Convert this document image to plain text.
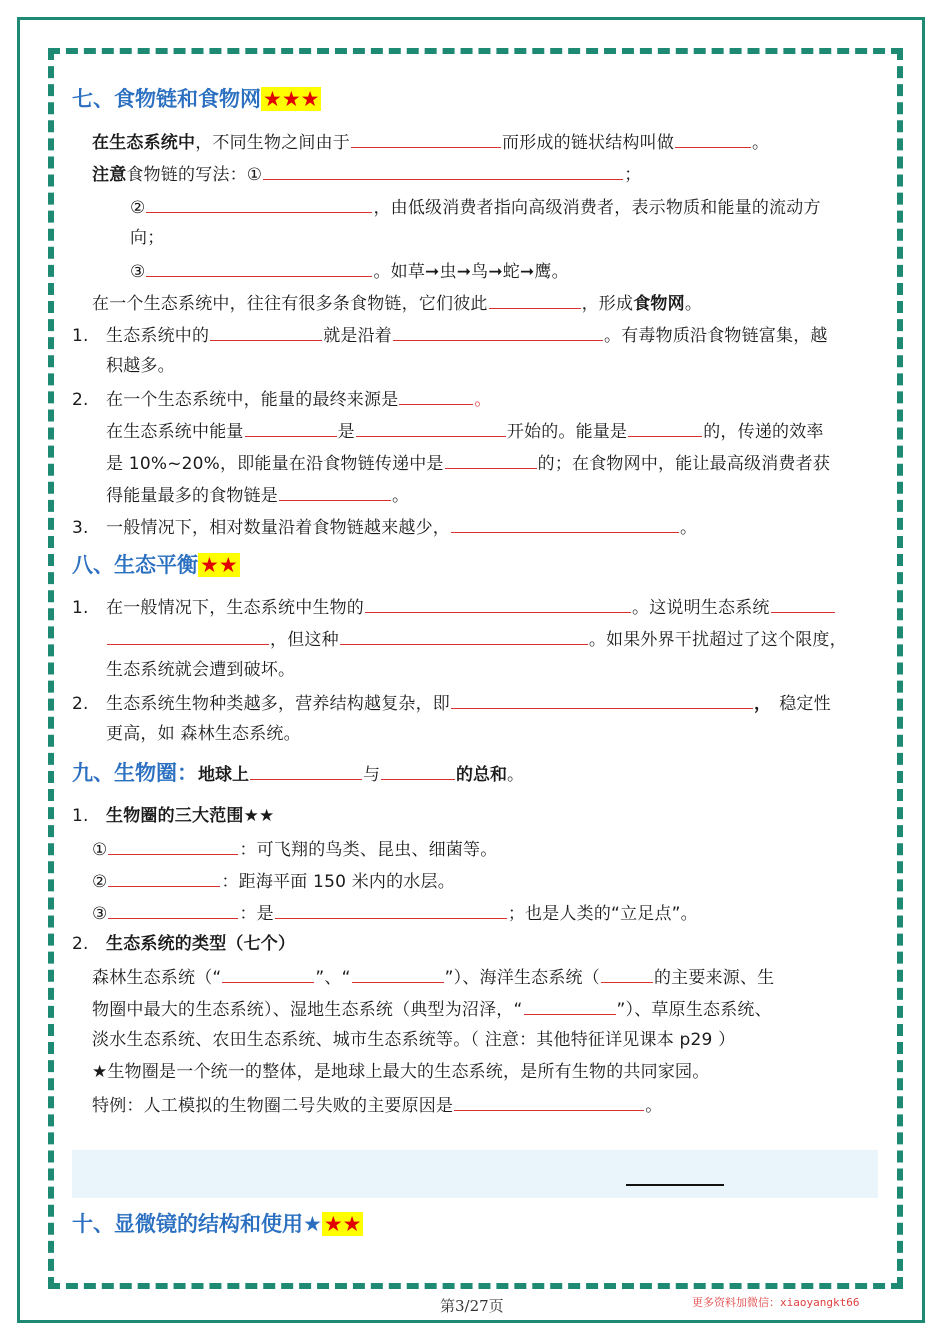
七、食物链和食物网★★★
在生态系统中，不同生物之间由于	而形成的链状结构叫做	。
注意食物链的写法：①	；
②	，由低级消费者指向高级消费者，表示物质和能量的流动方
向；
③	。如草➞虫➞鸟➞蛇➞鹰。
在一个生态系统中，往往有很多条食物链，它们彼此	，形成食物网。
1. 生态系统中的	就是沿着	。有毒物质沿食物链富集，越
积越多。
2. 在一个生态系统中，能量的最终来源是	。
在生态系统中能量	是	开始的。能量是	的，传递的效率
是 10%~20%，即能量在沿食物链传递中是	的；在食物网中，能让最高级消费者获
得能量最多的食物链是	。
3. 一般情况下，相对数量沿着食物链越来越少，	。
八、生态平衡★★
1. 在一般情况下，生态系统中生物的	。这说明生态系统
，但这种	。如果外界干扰超过了这个限度，
生态系统就会遭到破坏。
2. 生态系统生物种类越多，营养结构越复杂，即	， 稳定性
更高，如 森林生态系统。
九、生物圈：地球上	与	的总和。
1. 生物圈的三大范围★★
①	：可飞翔的鸟类、昆虫、细菌等。
②	：距海平面 150 米内的水层。
③	：是	；也是人类的“立足点”。
2. 生态系统的类型（七个）
森林生态系统（“	”、“	”）、海洋生态系统（	的主要来源、生
物圈中最大的生态系统）、湿地生态系统（典型为沼泽，“	”）、草原生态系统、
淡水生态系统、农田生态系统、城市生态系统等。（ 注意：其他特征详见课本 p29 ）
★生物圈是一个统一的整体，是地球上最大的生态系统，是所有生物的共同家园。
特例：人工模拟的生物圈二号失败的主要原因是	。
十、显微镜的结构和使用★★★
第3/27页	更多资料加微信：xiaoyangkt66
